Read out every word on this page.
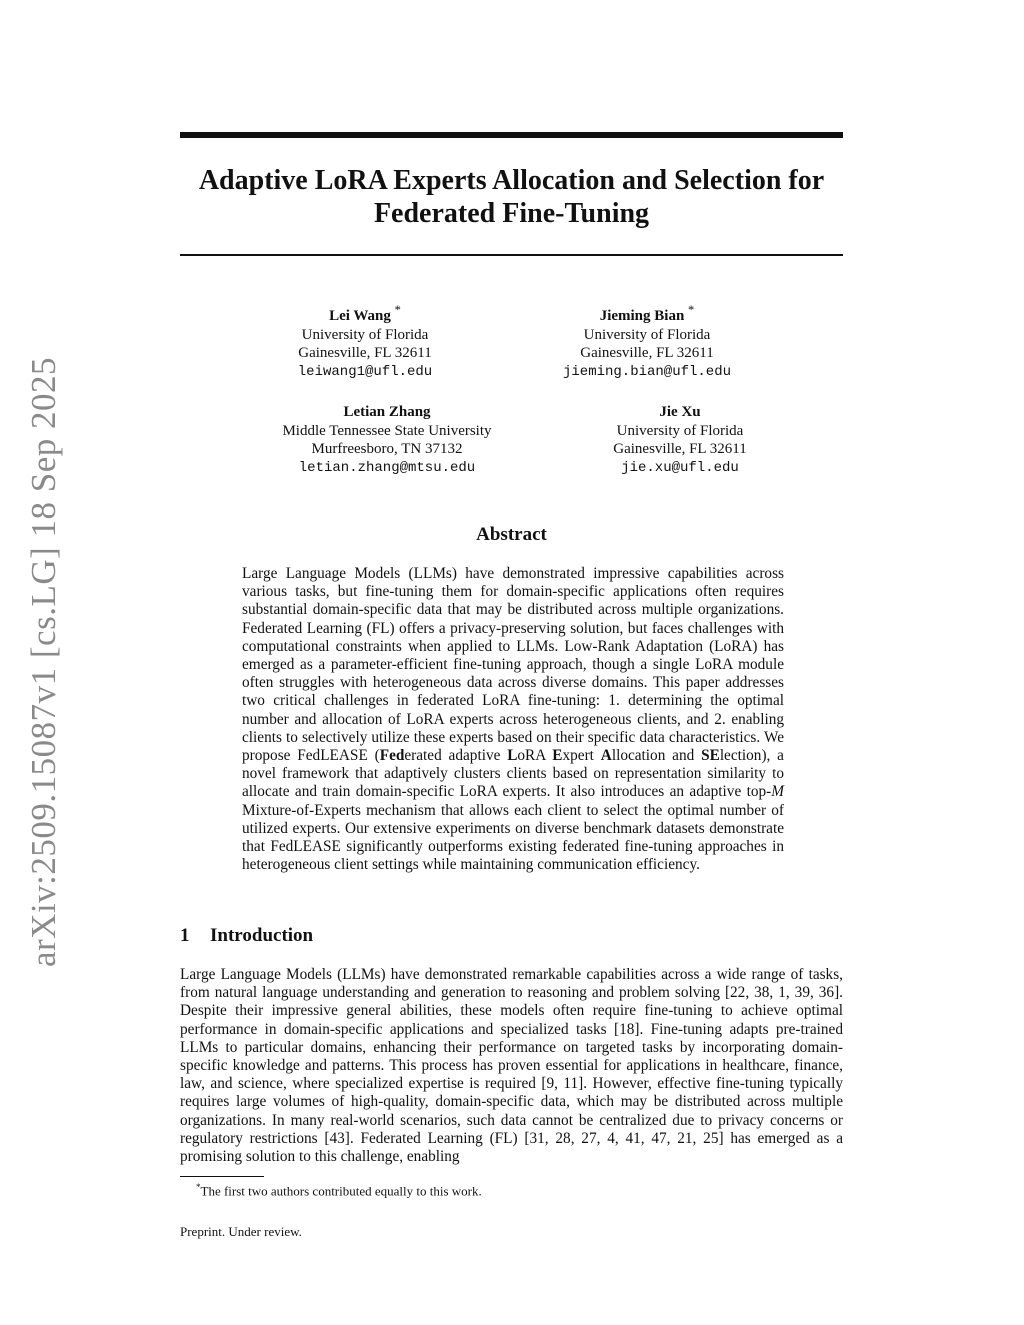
arXiv:2509.15087v1 [cs.LG] 18 Sep 2025
Adaptive LoRA Experts Allocation and Selection for
Federated Fine-Tuning
Lei Wang *
University of Florida
Gainesville, FL 32611
leiwang1@ufl.edu
Jieming Bian *
University of Florida
Gainesville, FL 32611
jieming.bian@ufl.edu
Letian Zhang
Middle Tennessee State University
Murfreesboro, TN 37132
letian.zhang@mtsu.edu
Jie Xu
University of Florida
Gainesville, FL 32611
jie.xu@ufl.edu
Abstract

Large Language Models (LLMs) have demonstrated impressive capabilities across various tasks, but fine-tuning them for domain-specific applications often requires substantial domain-specific data that may be distributed across multiple organizations. Federated Learning (FL) offers a privacy-preserving solution, but faces challenges with computational constraints when applied to LLMs. Low-Rank Adaptation (LoRA) has emerged as a parameter-efficient fine-tuning approach, though a single LoRA module often struggles with heterogeneous data across diverse domains. This paper addresses two critical challenges in federated LoRA fine-tuning: 1. determining the optimal number and allocation of LoRA experts across heterogeneous clients, and 2. enabling clients to selectively utilize these experts based on their specific data characteristics. We propose FedLEASE (Federated adaptive LoRA Expert Allocation and SElection), a novel framework that adaptively clusters clients based on representation similarity to allocate and train domain-specific LoRA experts. It also introduces an adaptive top-M Mixture-of-Experts mechanism that allows each client to select the optimal number of utilized experts. Our extensive experiments on diverse benchmark datasets demonstrate that FedLEASE significantly outperforms existing federated fine-tuning approaches in heterogeneous client settings while maintaining communication efficiency.

1 Introduction

Large Language Models (LLMs) have demonstrated remarkable capabilities across a wide range of tasks, from natural language understanding and generation to reasoning and problem solving [22, 38, 1, 39, 36]. Despite their impressive general abilities, these models often require fine-tuning to achieve optimal performance in domain-specific applications and specialized tasks [18]. Fine-tuning adapts pre-trained LLMs to particular domains, enhancing their performance on targeted tasks by incorporating domain-specific knowledge and patterns. This process has proven essential for applications in healthcare, finance, law, and science, where specialized expertise is required [9, 11]. However, effective fine-tuning typically requires large volumes of high-quality, domain-specific data, which may be distributed across multiple organizations. In many real-world scenarios, such data cannot be centralized due to privacy concerns or regulatory restrictions [43]. Federated Learning (FL) [31, 28, 27, 4, 41, 47, 21, 25] has emerged as a promising solution to this challenge, enabling

*The first two authors contributed equally to this work.

Preprint. Under review.
